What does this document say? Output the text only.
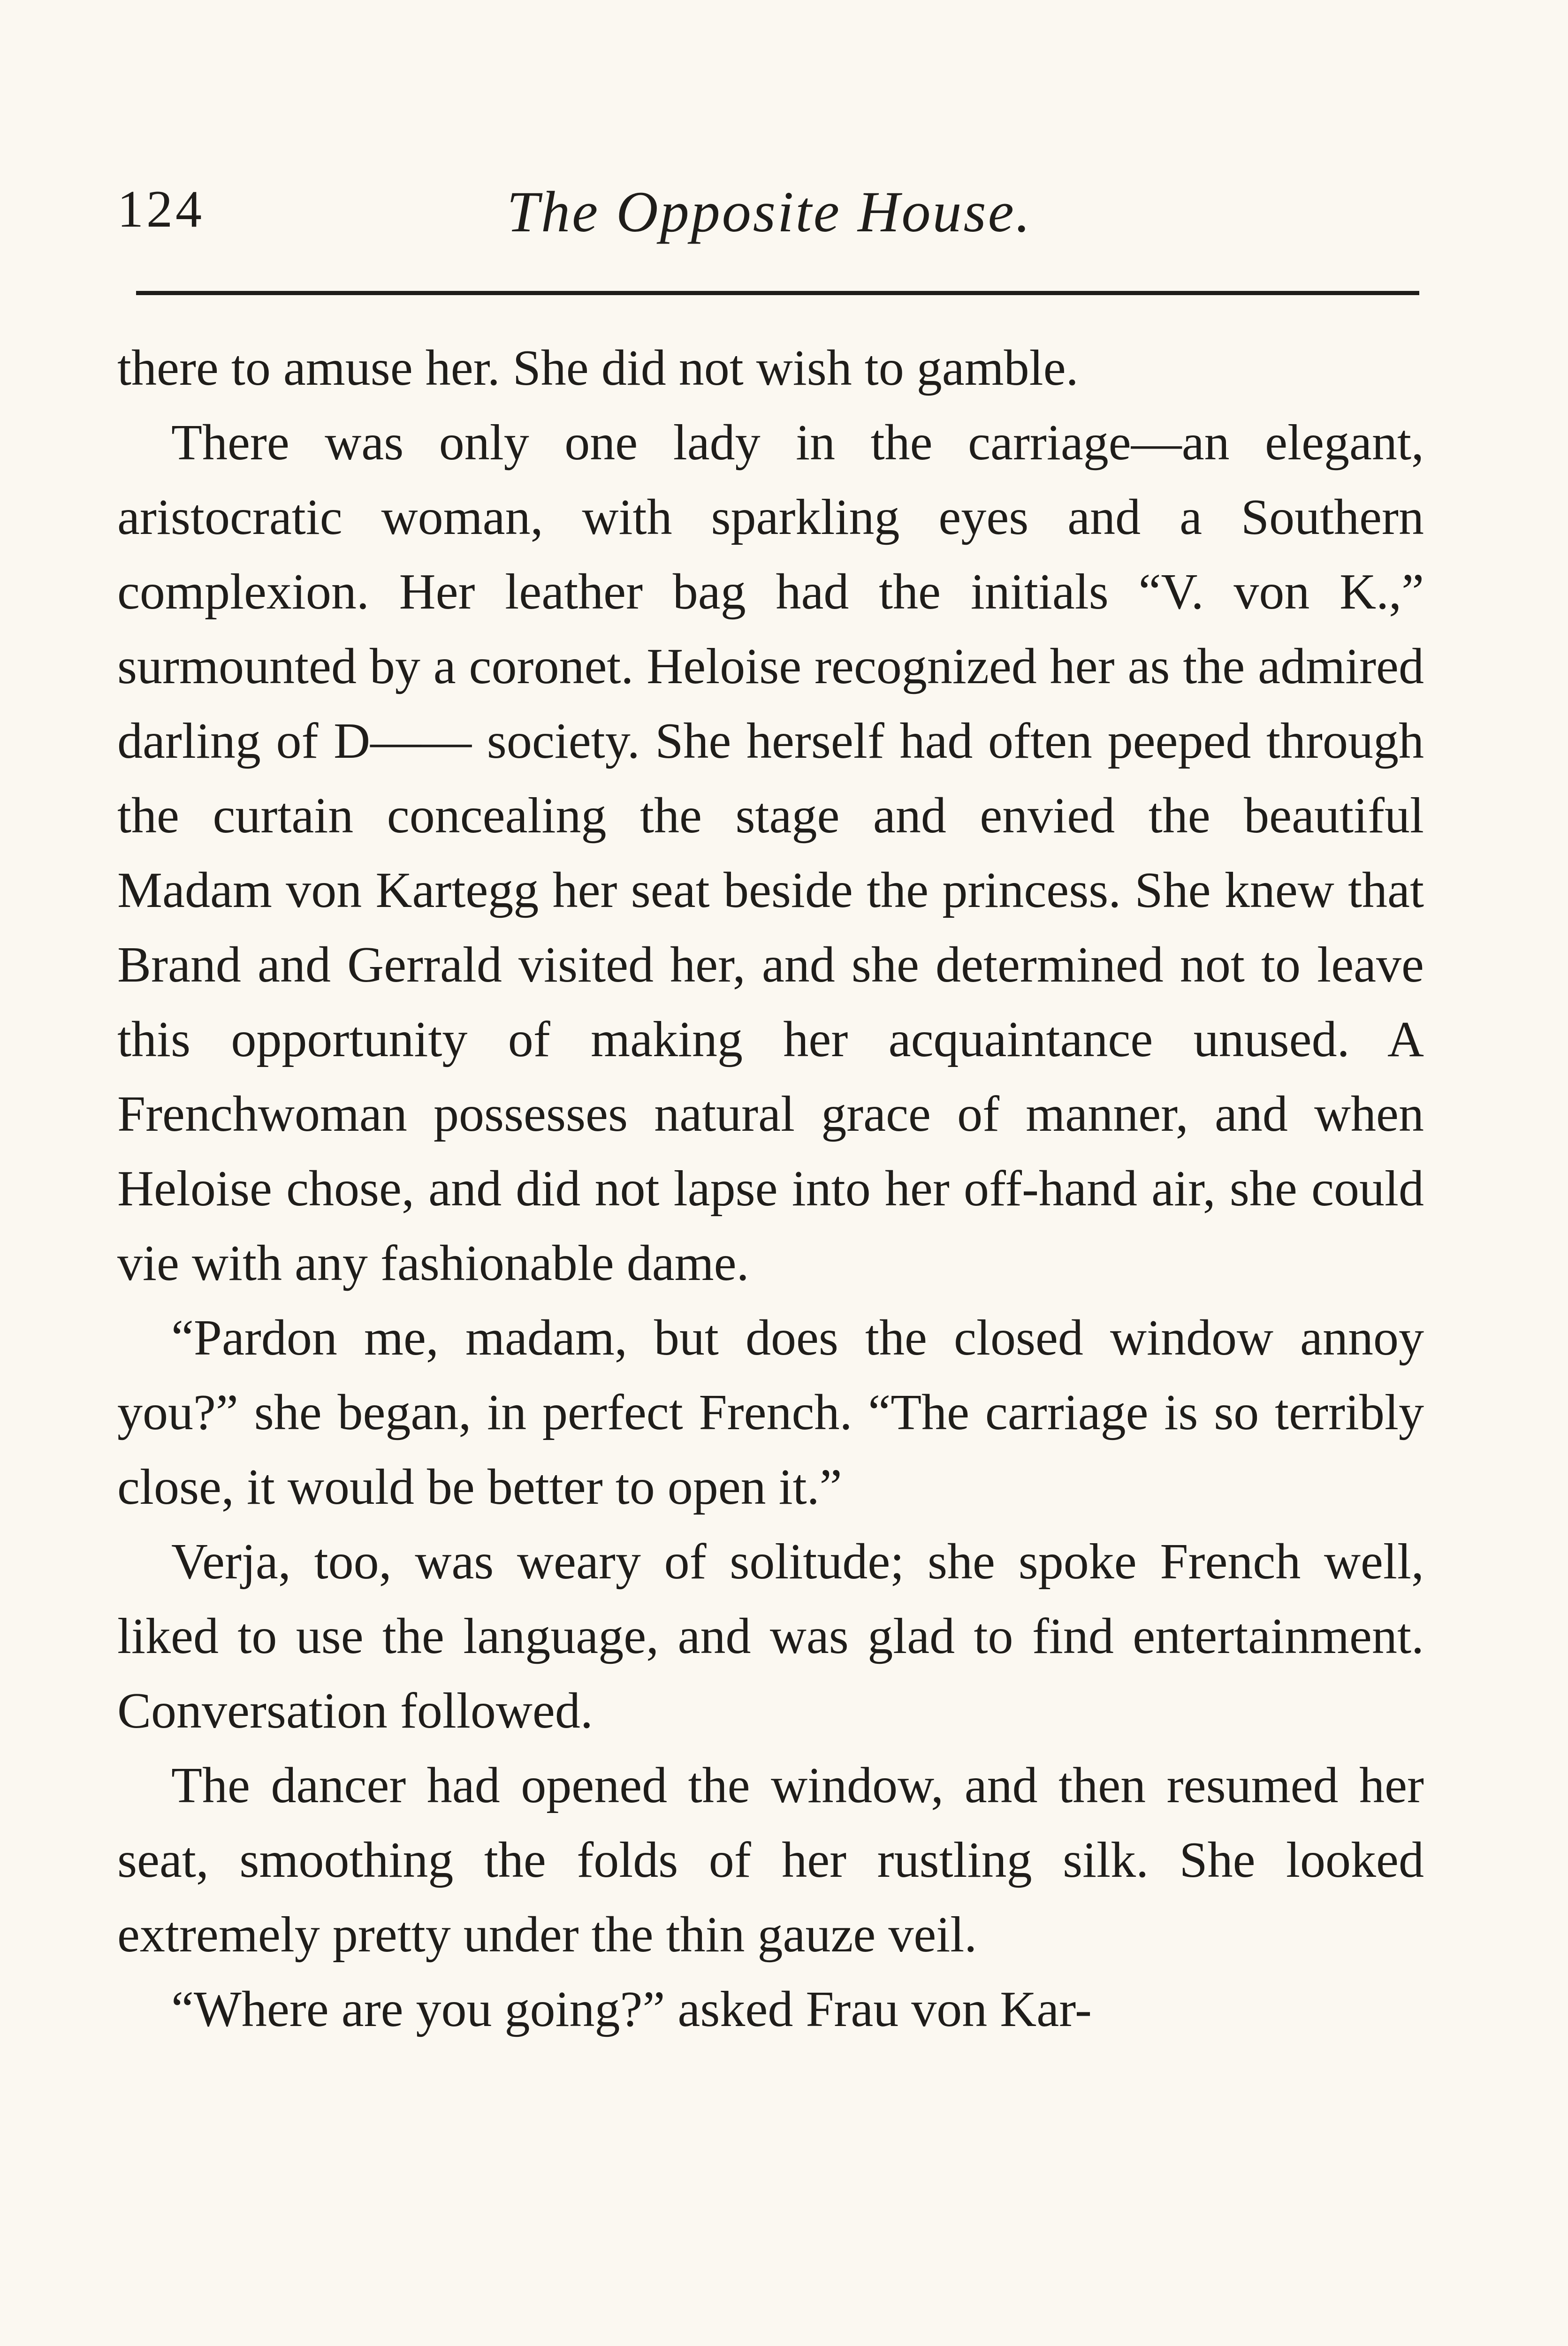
124	The Opposite House.

there to amuse her. She did not wish to gamble.

There was only one lady in the carriage—an elegant, aristocratic woman, with sparkling eyes and a Southern complexion. Her leather bag had the initials “V. von K.,” surmounted by a coronet. Heloise recognized her as the admired darling of D—— society. She herself had often peeped through the curtain concealing the stage and envied the beautiful Madam von Kartegg her seat beside the princess. She knew that Brand and Gerrald visited her, and she determined not to leave this opportunity of making her acquaintance unused. A Frenchwoman possesses natural grace of manner, and when Heloise chose, and did not lapse into her off-hand air, she could vie with any fashionable dame.

“Pardon me, madam, but does the closed window annoy you?” she began, in perfect French. “The carriage is so terribly close, it would be better to open it.”

Verja, too, was weary of solitude; she spoke French well, liked to use the language, and was glad to find entertainment. Conversation followed.

The dancer had opened the window, and then resumed her seat, smoothing the folds of her rustling silk. She looked extremely pretty under the thin gauze veil.

“Where are you going?” asked Frau von Kar-
